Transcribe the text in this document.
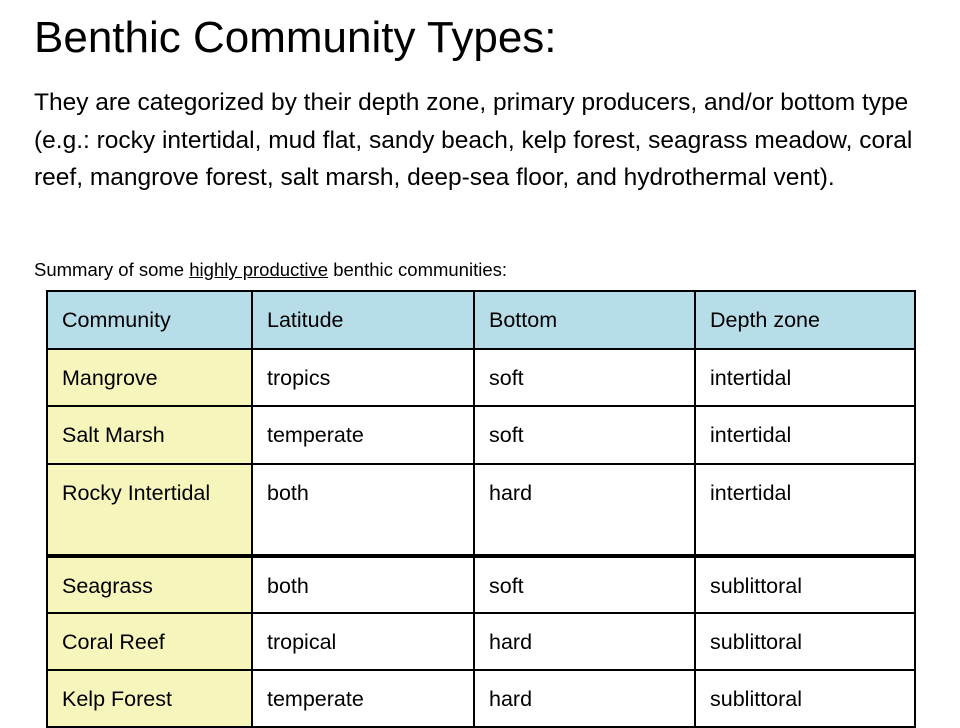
Benthic Community Types:

They are categorized by their depth zone, primary producers, and/or bottom type (e.g.: rocky intertidal, mud flat, sandy beach, kelp forest, seagrass meadow, coral reef, mangrove forest, salt marsh, deep-sea floor, and hydrothermal vent).

Summary of some highly productive benthic communities:

Community	Latitude	Bottom	Depth zone
Mangrove	tropics	soft	intertidal
Salt Marsh	temperate	soft	intertidal
Rocky Intertidal	both	hard	intertidal
Seagrass	both	soft	sublittoral
Coral Reef	tropical	hard	sublittoral
Kelp Forest	temperate	hard	sublittoral
